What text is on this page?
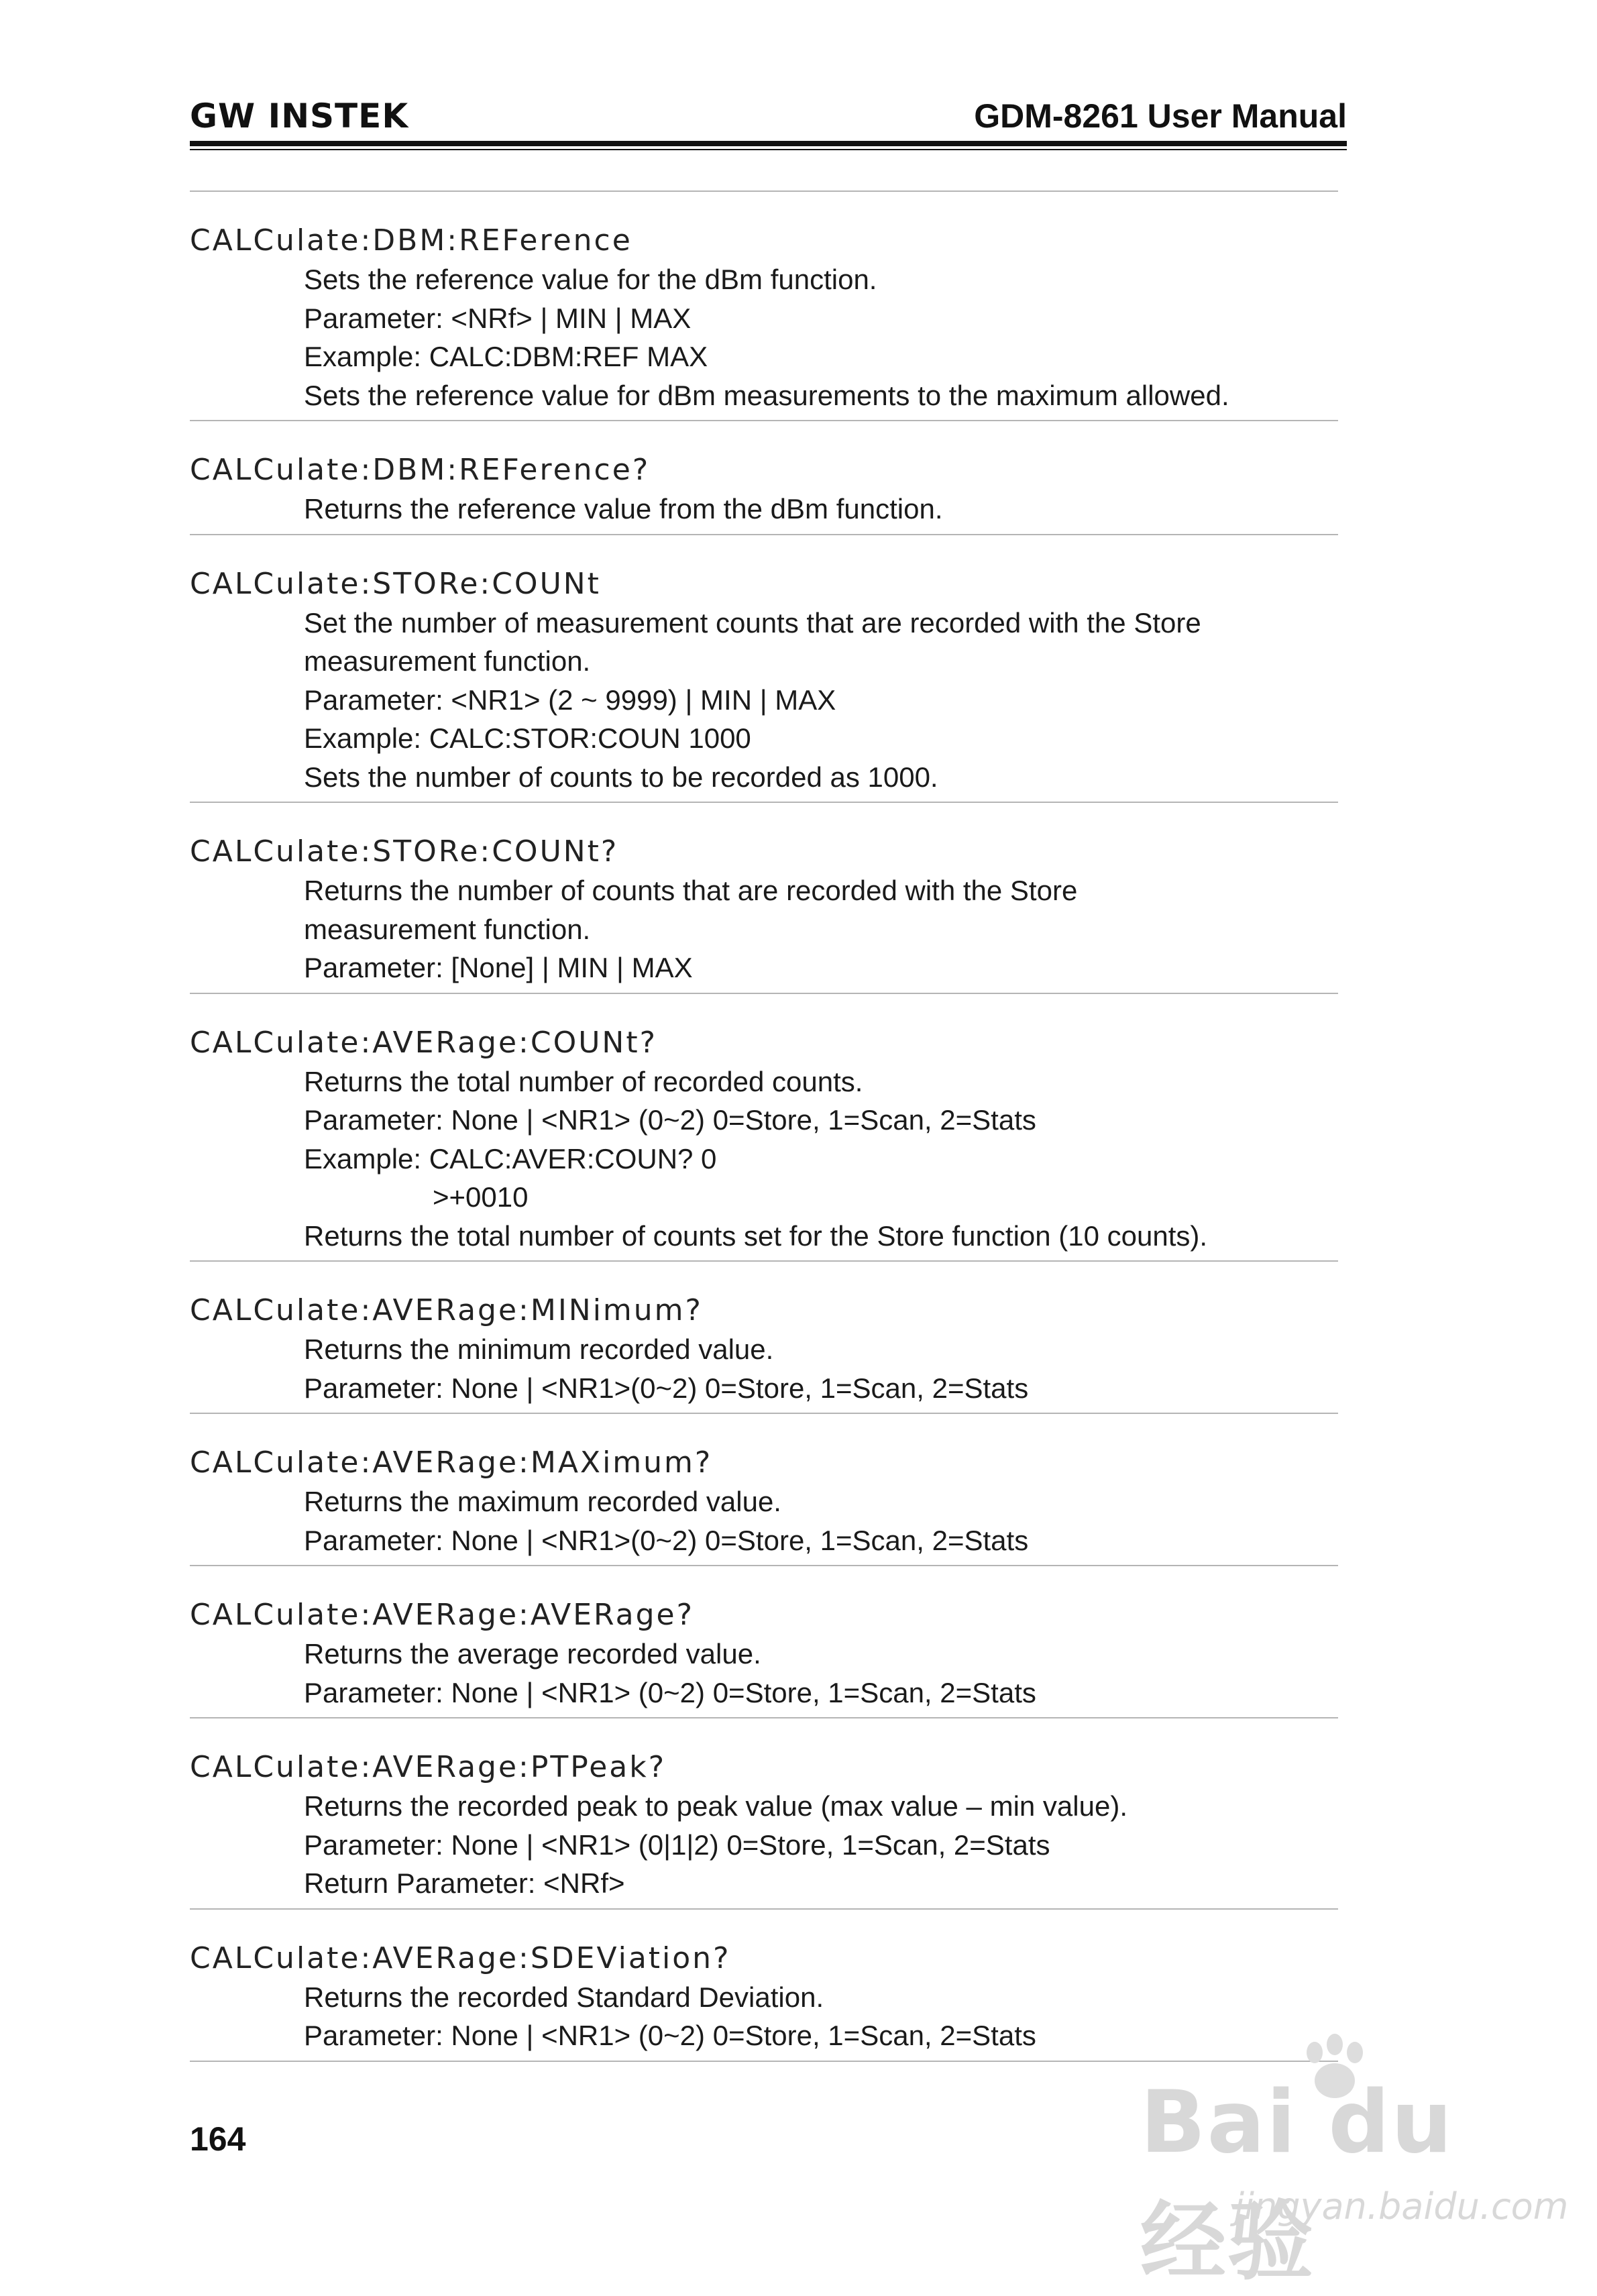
GW INSTEK	GDM-8261 User Manual
CALCulate:DBM:REFerence
Sets the reference value for the dBm function.
Parameter: <NRf> | MIN | MAX
Example: CALC:DBM:REF MAX
Sets the reference value for dBm measurements to the maximum allowed.
CALCulate:DBM:REFerence?
Returns the reference value from the dBm function.
CALCulate:STORe:COUNt
Set the number of measurement counts that are recorded with the Store
measurement function.
Parameter: <NR1> (2 ~ 9999) | MIN | MAX
Example: CALC:STOR:COUN 1000
Sets the number of counts to be recorded as 1000.
CALCulate:STORe:COUNt?
Returns the number of counts that are recorded with the Store
measurement function.
Parameter: [None] | MIN | MAX
CALCulate:AVERage:COUNt?
Returns the total number of recorded counts.
Parameter: None | <NR1> (0~2) 0=Store, 1=Scan, 2=Stats
Example: CALC:AVER:COUN? 0
>+0010
Returns the total number of counts set for the Store function (10 counts).
CALCulate:AVERage:MINimum?
Returns the minimum recorded value.
Parameter: None | <NR1>(0~2) 0=Store, 1=Scan, 2=Stats
CALCulate:AVERage:MAXimum?
Returns the maximum recorded value.
Parameter: None | <NR1>(0~2) 0=Store, 1=Scan, 2=Stats
CALCulate:AVERage:AVERage?
Returns the average recorded value.
Parameter: None | <NR1> (0~2) 0=Store, 1=Scan, 2=Stats
CALCulate:AVERage:PTPeak?
Returns the recorded peak to peak value (max value – min value).
Parameter: None | <NR1> (0|1|2) 0=Store, 1=Scan, 2=Stats
Return Parameter: <NRf>
CALCulate:AVERage:SDEViation?
Returns the recorded Standard Deviation.
Parameter: None | <NR1> (0~2) 0=Store, 1=Scan, 2=Stats
164	Bai du 经验
jingyan.baidu.com
